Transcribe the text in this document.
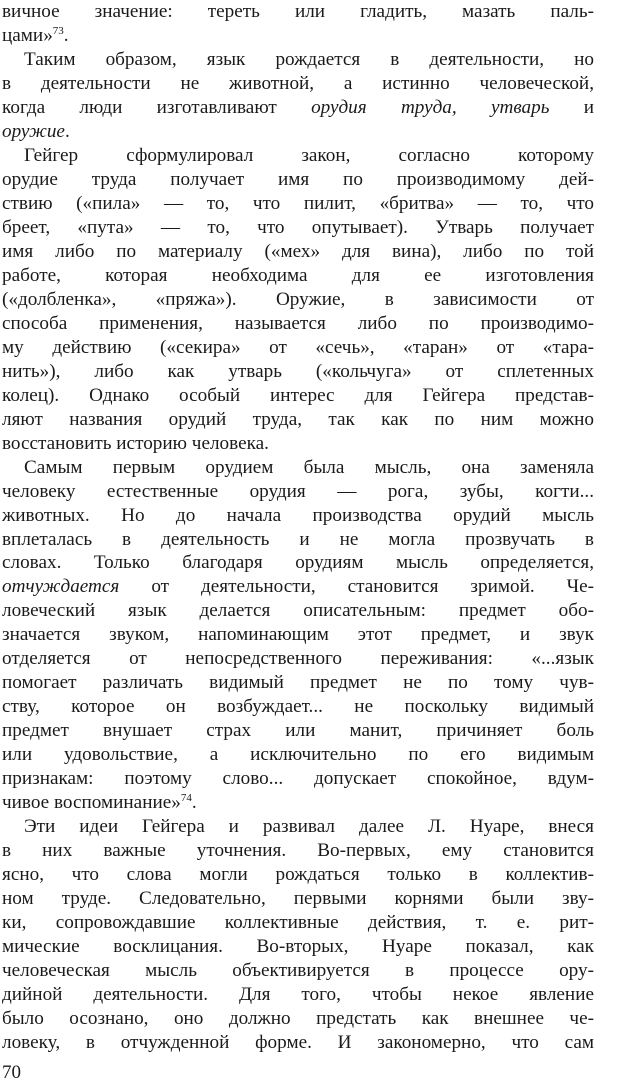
вичное значение: тереть или гладить, мазать паль-
цами»$^{73}$.
Таким образом, язык рождается в деятельности, но
в деятельности не животной, а истинно человеческой,
когда люди изготавливают орудия труда, утварь и
оружие.
Гейгер сформулировал закон, согласно которому
орудие труда получает имя по производимому дей-
ствию («пила» — то, что пилит, «бритва» — то, что
бреет, «пута» — то, что опутывает). Утварь получает
имя либо по материалу («мех» для вина), либо по той
работе, которая необходима для ее изготовления
(«долбленка», «пряжа»). Оружие, в зависимости от
способа применения, называется либо по производимо-
му действию («секира» от «сечь», «таран» от «тара-
нить»), либо как утварь («кольчуга» от сплетенных
колец). Однако особый интерес для Гейгера представ-
ляют названия орудий труда, так как по ним можно
восстановить историю человека.
Самым первым орудием была мысль, она заменяла
человеку естественные орудия — рога, зубы, когти...
животных. Но до начала производства орудий мысль
вплеталась в деятельность и не могла прозвучать в
словах. Только благодаря орудиям мысль определяется,
отчуждается от деятельности, становится зримой. Че-
ловеческий язык делается описательным: предмет обо-
значается звуком, напоминающим этот предмет, и звук
отделяется от непосредственного переживания: «...язык
помогает различать видимый предмет не по тому чув-
ству, которое он возбуждает... не поскольку видимый
предмет внушает страх или манит, причиняет боль
или удовольствие, а исключительно по его видимым
признакам: поэтому слово... допускает спокойное, вдум-
чивое воспоминание»$^{74}$.
Эти идеи Гейгера и развивал далее Л. Нуаре, внеся
в них важные уточнения. Во-первых, ему становится
ясно, что слова могли рождаться только в коллектив-
ном труде. Следовательно, первыми корнями были зву-
ки, сопровождавшие коллективные действия, т. е. рит-
мические восклицания. Во-вторых, Нуаре показал, как
человеческая мысль объективируется в процессе ору-
дийной деятельности. Для того, чтобы некое явление
было осознано, оно должно предстать как внешнее че-
ловеку, в отчужденной форме. И закономерно, что сам
70
